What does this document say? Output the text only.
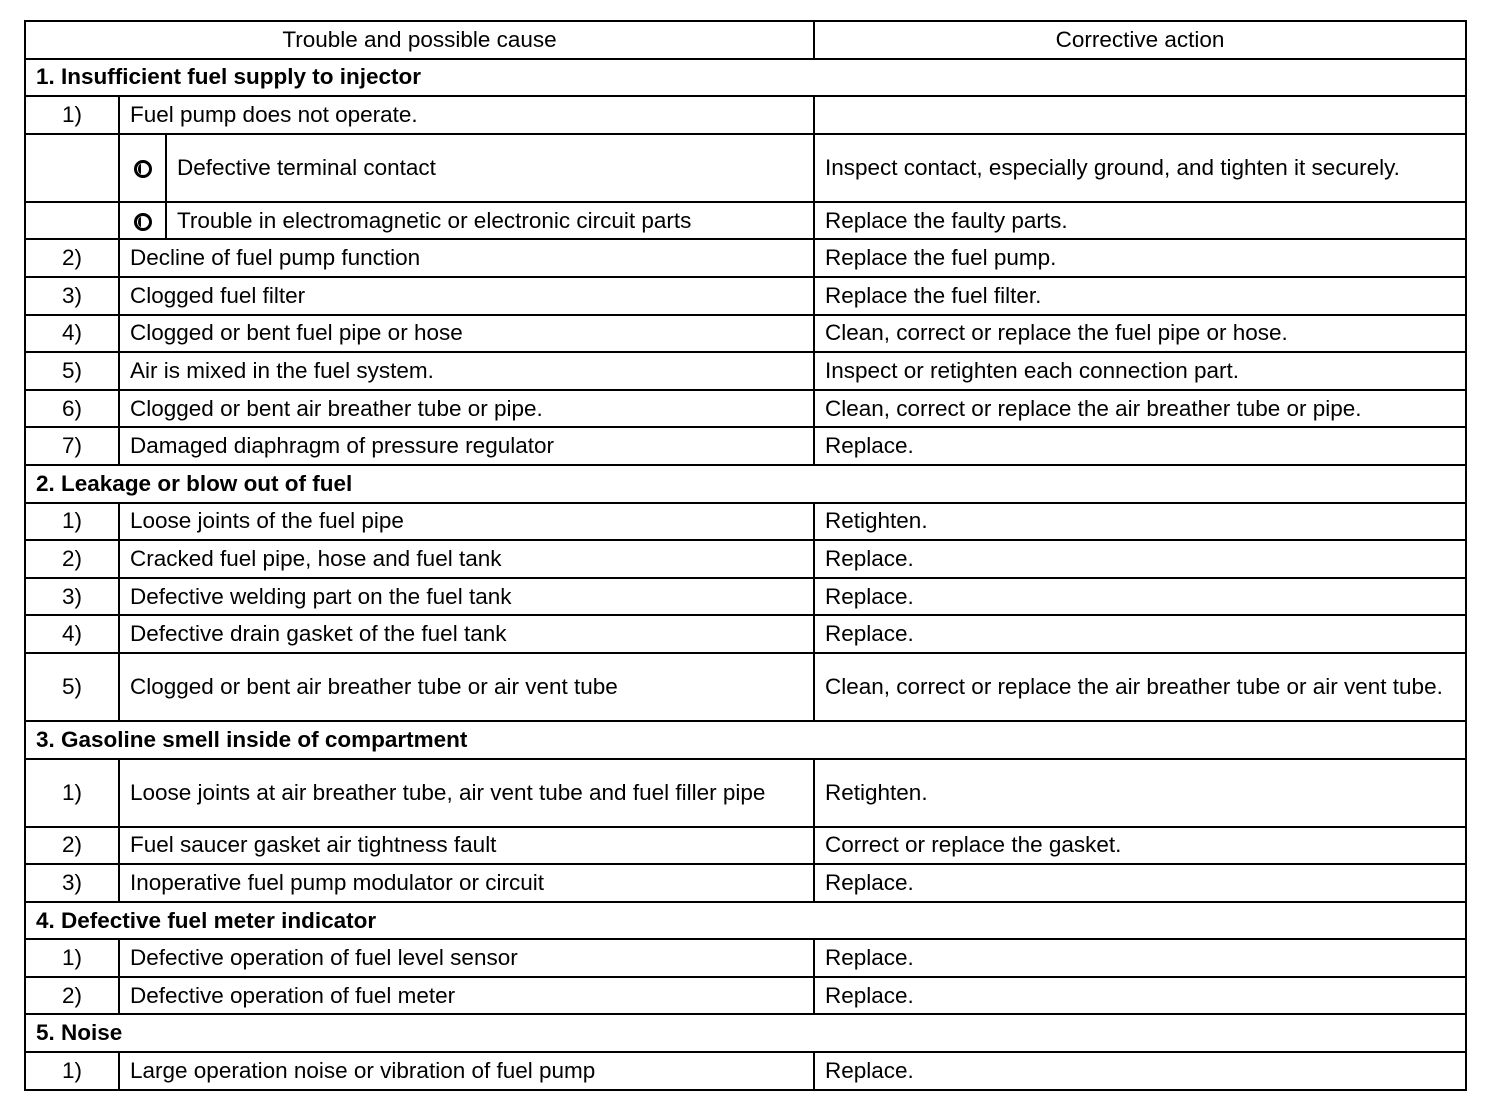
Trouble and possible cause			Corrective action
1. Insufficient fuel supply to injector			
1)	Fuel pump does not operate.		
		Defective terminal contact	Inspect contact, especially ground, and tighten it securely.
		Trouble in electromagnetic or electronic circuit parts	Replace the faulty parts.
2)	Decline of fuel pump function		Replace the fuel pump.
3)	Clogged fuel filter		Replace the fuel filter.
4)	Clogged or bent fuel pipe or hose		Clean, correct or replace the fuel pipe or hose.
5)	Air is mixed in the fuel system.		Inspect or retighten each connection part.
6)	Clogged or bent air breather tube or pipe.		Clean, correct or replace the air breather tube or pipe.
7)	Damaged diaphragm of pressure regulator		Replace.
2. Leakage or blow out of fuel			
1)	Loose joints of the fuel pipe		Retighten.
2)	Cracked fuel pipe, hose and fuel tank		Replace.
3)	Defective welding part on the fuel tank		Replace.
4)	Defective drain gasket of the fuel tank		Replace.
5)	Clogged or bent air breather tube or air vent tube		Clean, correct or replace the air breather tube or air vent tube.
3. Gasoline smell inside of compartment			
1)	Loose joints at air breather tube, air vent tube and fuel filler pipe		Retighten.
2)	Fuel saucer gasket air tightness fault		Correct or replace the gasket.
3)	Inoperative fuel pump modulator or circuit		Replace.
4. Defective fuel meter indicator			
1)	Defective operation of fuel level sensor		Replace.
2)	Defective operation of fuel meter		Replace.
5. Noise			
1)	Large operation noise or vibration of fuel pump		Replace.
